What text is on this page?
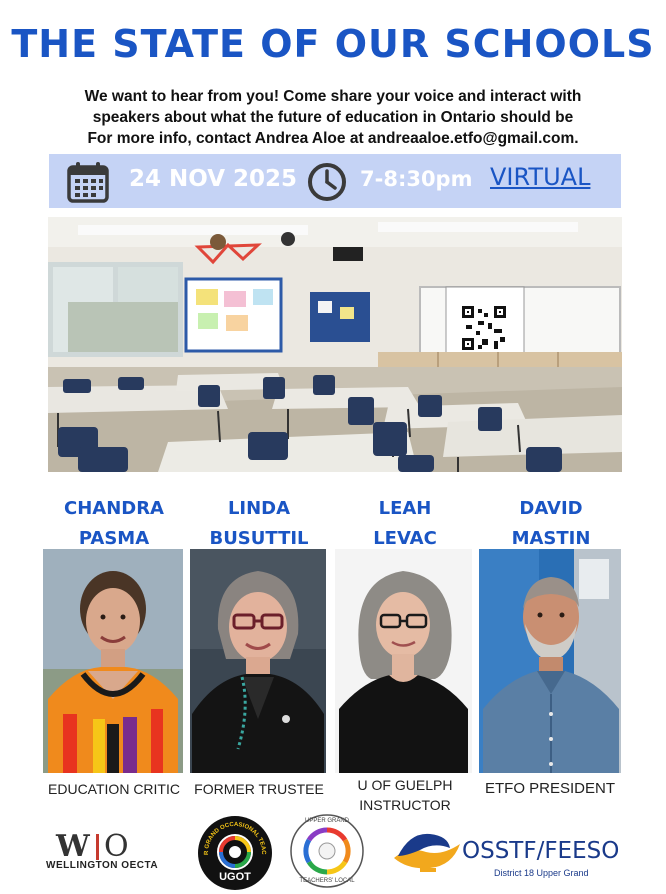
THE STATE OF OUR SCHOOLS
We want to hear from you! Come share your voice and interact with
speakers about what the future of education in Ontario should be
For more info, contact Andrea Aloe at andreaaloe.etfo@gmail.com.
24 NOV 2025	7-8:30pm VIRTUAL
CHANDRA
PASMA
LINDA
BUSUTTIL
LEAH
LEVAC
DAVID
MASTIN
EDUCATION CRITIC	FORMER TRUSTEE	U OF GUELPH
INSTRUCTOR
ETFO PRESIDENT
W O
WELLINGTON OECTA
R GRAND OCCASIONAL TEAC
UGOT
UPPER GRAND
TEACHERS' LOCAL
OSSTF/FEESO
District 18 Upper Grand
